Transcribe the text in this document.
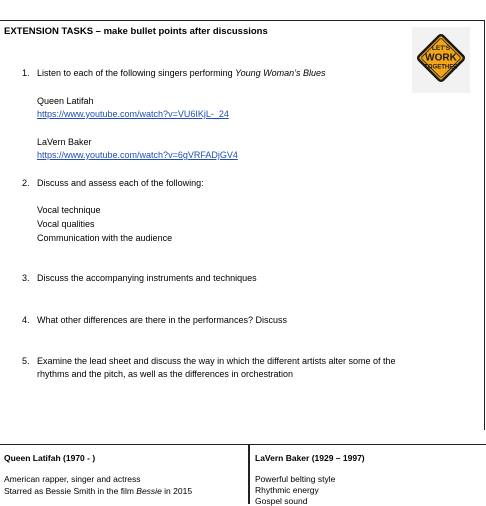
EXTENSION TASKS – make bullet points after discussions
LET'S
WORK
TOGETHER
1. Listen to each of the following singers performing Young Woman’s Blues
Queen Latifah
https://www.youtube.com/watch?v=VU6IKjL-_24
LaVern Baker
https://www.youtube.com/watch?v=6gVRFADjGV4
2. Discuss and assess each of the following:
Vocal technique
Vocal qualities
Communication with the audience
3. Discuss the accompanying instruments and techniques
4. What other differences are there in the performances? Discuss
5. Examine the lead sheet and discuss the way in which the different artists alter some of the
rhythms and the pitch, as well as the differences in orchestration
Queen Latifah (1970 - )
American rapper, singer and actress
Starred as Bessie Smith in the film Bessie in 2015
LaVern Baker (1929 – 1997)
Powerful belting style
Rhythmic energy
Gospel sound
